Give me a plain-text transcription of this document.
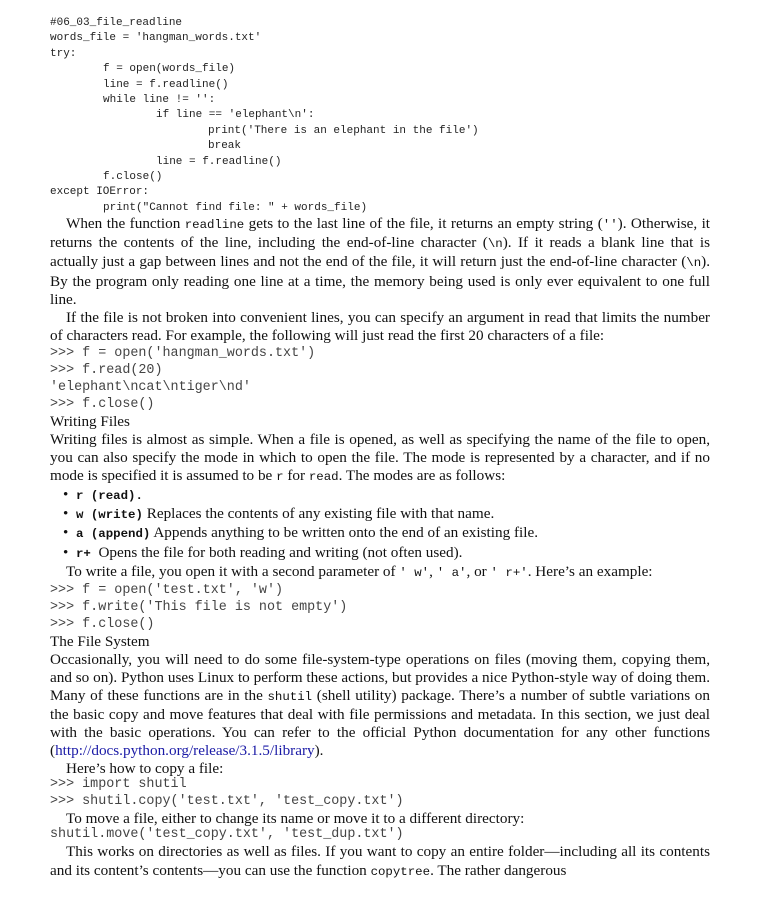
#06_03_file_readline
words_file = 'hangman_words.txt'
try:
f = open(words_file)
line = f.readline()
while line != '':
if line == 'elephant\n':
print('There is an elephant in the file')
break
line = f.readline()
f.close()
except IOError:
print("Cannot find file: " + words_file)

When the function readline gets to the last line of the file, it returns an empty string (''). Otherwise, it returns the contents of the line, including the end-of-line character (\n). If it reads a blank line that is actually just a gap between lines and not the end of the file, it will return just the end-of-line character (\n). By the program only reading one line at a time, the memory being used is only ever equivalent to one full line.

If the file is not broken into convenient lines, you can specify an argument in read that limits the number of characters read. For example, the following will just read the first 20 characters of a file:

>>> f = open('hangman_words.txt')
>>> f.read(20)
'elephant\ncat\ntiger\nd'
>>> f.close()
Writing Files

Writing files is almost as simple. When a file is opened, as well as specifying the name of the file to open, you can also specify the mode in which to open the file. The mode is represented by a character, and if no mode is specified it is assumed to be r for read. The modes are as follows:

• r (read).
• w (write) Replaces the contents of any existing file with that name.
• a (append) Appends anything to be written onto the end of an existing file.
• r+  Opens the file for both reading and writing (not often used).

To write a file, you open it with a second parameter of ' w', ' a', or ' r+'. Here’s an example:

>>> f = open('test.txt', 'w')
>>> f.write('This file is not empty')
>>> f.close()
The File System

Occasionally, you will need to do some file-system-type operations on files (moving them, copying them, and so on). Python uses Linux to perform these actions, but provides a nice Python-style way of doing them. Many of these functions are in the shutil (shell utility) package. There’s a number of subtle variations on the basic copy and move features that deal with file permissions and metadata. In this section, we just deal with the basic operations. You can refer to the official Python documentation for any other functions (http://docs.python.org/release/3.1.5/library).

Here’s how to copy a file:

>>> import shutil
>>> shutil.copy('test.txt', 'test_copy.txt')

To move a file, either to change its name or move it to a different directory:

shutil.move('test_copy.txt', 'test_dup.txt')

This works on directories as well as files. If you want to copy an entire folder—including all its contents and its content’s contents—you can use the function copytree. The rather dangerous
